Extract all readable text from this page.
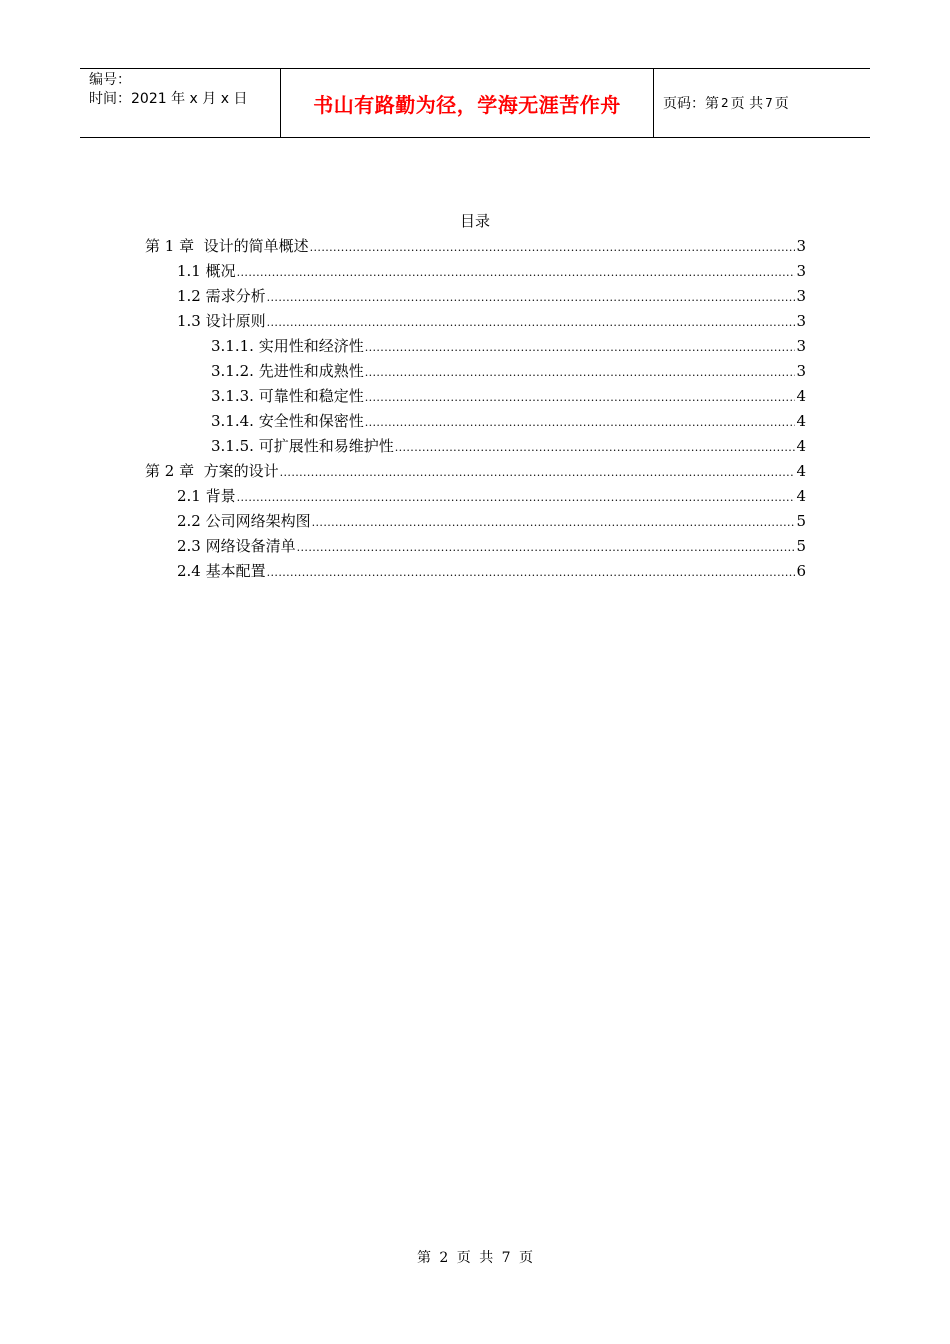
编号：
时间：2021 年 x 月 x 日	书山有路勤为径，学海无涯苦作舟	页码：第 2 页 共 7 页
目录
第 1 章  设计的简单概述 .....	3
1.1 概况 .....	3
1.2 需求分析 .....	3
1.3 设计原则 .....	3
3.1.1. 实用性和经济性 .....	3
3.1.2. 先进性和成熟性 .....	3
3.1.3. 可靠性和稳定性 .....	4
3.1.4. 安全性和保密性 .....	4
3.1.5. 可扩展性和易维护性 .....	4
第 2 章  方案的设计 .....	4
2.1 背景 .....	4
2.2 公司网络架构图 .....	5
2.3 网络设备清单 .....	5
2.4 基本配置 .....	6
第 2 页 共 7 页
